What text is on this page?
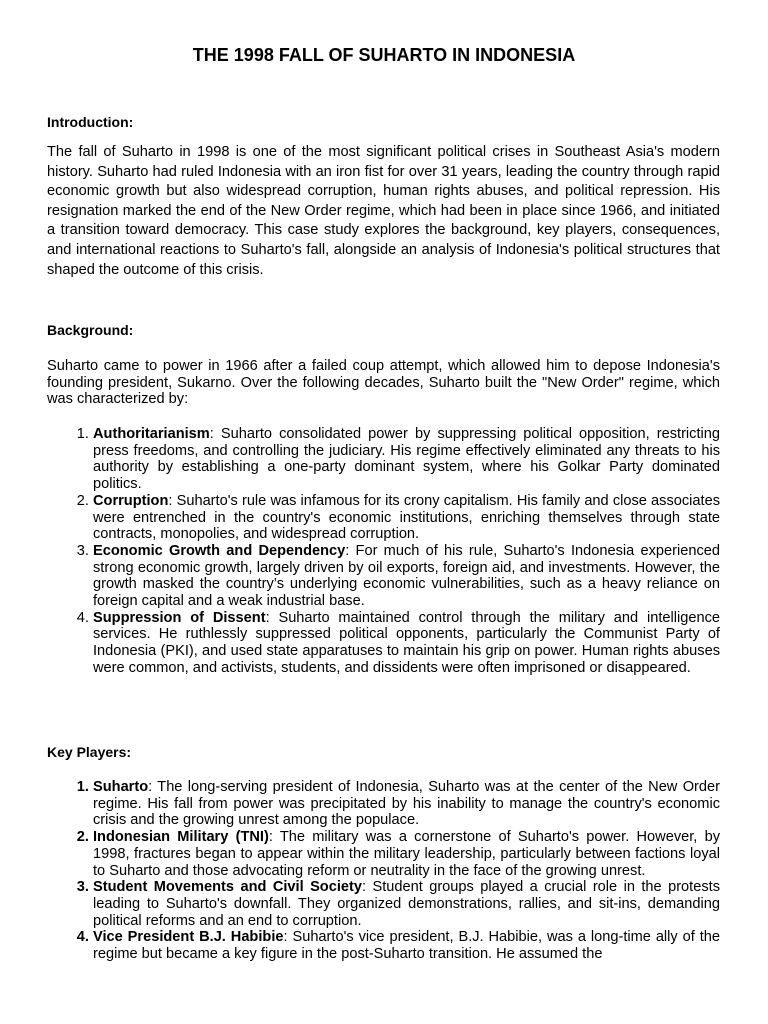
THE 1998 FALL OF SUHARTO IN INDONESIA
Introduction:

The fall of Suharto in 1998 is one of the most significant political crises in Southeast Asia's modern history. Suharto had ruled Indonesia with an iron fist for over 31 years, leading the country through rapid economic growth but also widespread corruption, human rights abuses, and political repression. His resignation marked the end of the New Order regime, which had been in place since 1966, and initiated a transition toward democracy. This case study explores the background, key players, consequences, and international reactions to Suharto's fall, alongside an analysis of Indonesia's political structures that shaped the outcome of this crisis.

Background:

Suharto came to power in 1966 after a failed coup attempt, which allowed him to depose Indonesia's founding president, Sukarno. Over the following decades, Suharto built the "New Order" regime, which was characterized by:

1. Authoritarianism: Suharto consolidated power by suppressing political opposition, restricting press freedoms, and controlling the judiciary. His regime effectively eliminated any threats to his authority by establishing a one-party dominant system, where his Golkar Party dominated politics.
2. Corruption: Suharto's rule was infamous for its crony capitalism. His family and close associates were entrenched in the country's economic institutions, enriching themselves through state contracts, monopolies, and widespread corruption.
3. Economic Growth and Dependency: For much of his rule, Suharto's Indonesia experienced strong economic growth, largely driven by oil exports, foreign aid, and investments. However, the growth masked the country’s underlying economic vulnerabilities, such as a heavy reliance on foreign capital and a weak industrial base.
4. Suppression of Dissent: Suharto maintained control through the military and intelligence services. He ruthlessly suppressed political opponents, particularly the Communist Party of Indonesia (PKI), and used state apparatuses to maintain his grip on power. Human rights abuses were common, and activists, students, and dissidents were often imprisoned or disappeared.
Key Players:
1. Suharto: The long-serving president of Indonesia, Suharto was at the center of the New Order regime. His fall from power was precipitated by his inability to manage the country's economic crisis and the growing unrest among the populace.
2. Indonesian Military (TNI): The military was a cornerstone of Suharto's power. However, by 1998, fractures began to appear within the military leadership, particularly between factions loyal to Suharto and those advocating reform or neutrality in the face of the growing unrest.
3. Student Movements and Civil Society: Student groups played a crucial role in the protests leading to Suharto's downfall. They organized demonstrations, rallies, and sit-ins, demanding political reforms and an end to corruption.
4. Vice President B.J. Habibie: Suharto's vice president, B.J. Habibie, was a long-time ally of the regime but became a key figure in the post-Suharto transition. He assumed the
